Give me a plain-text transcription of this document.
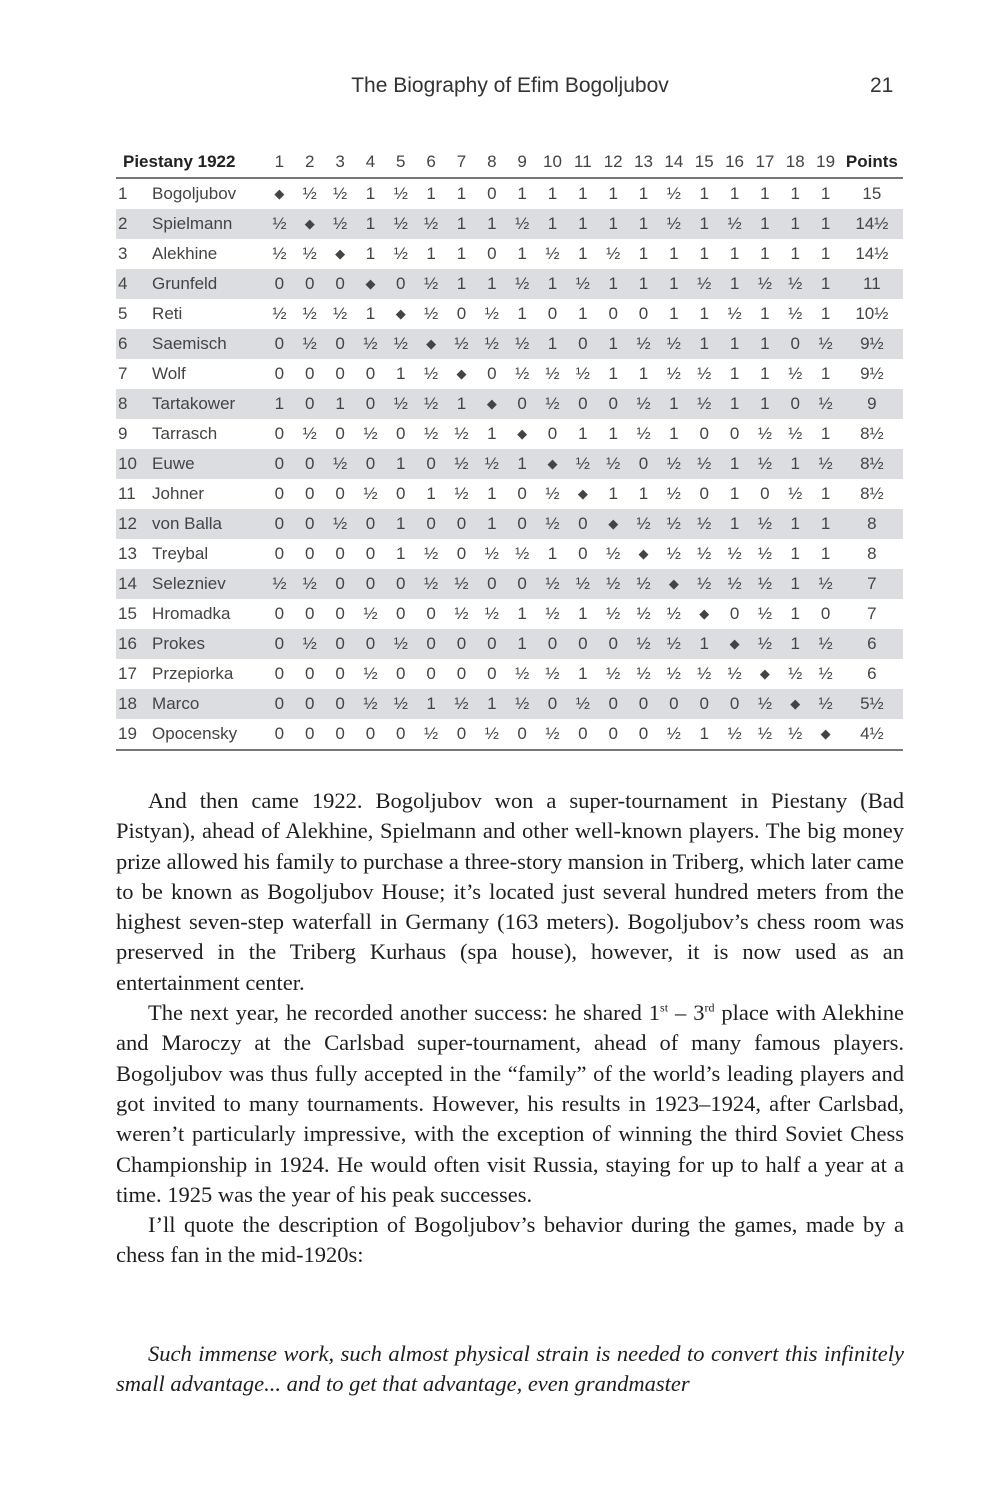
The Biography of Efim Bogoljubov	21
Piestany 1922		1	2	3	4	5	6	7	8	9	10	11	12	13	14	15	16	17	18	19	Points
1	Bogoljubov	◆	½	½	1	½	1	1	0	1	1	1	1	1	½	1	1	1	1	1	15
2	Spielmann	½	◆	½	1	½	½	1	1	½	1	1	1	1	½	1	½	1	1	1	14½
3	Alekhine	½	½	◆	1	½	1	1	0	1	½	1	½	1	1	1	1	1	1	1	14½
4	Grunfeld	0	0	0	◆	0	½	1	1	½	1	½	1	1	1	½	1	½	½	1	11
5	Reti	½	½	½	1	◆	½	0	½	1	0	1	0	0	1	1	½	1	½	1	10½
6	Saemisch	0	½	0	½	½	◆	½	½	½	1	0	1	½	½	1	1	1	0	½	9½
7	Wolf	0	0	0	0	1	½	◆	0	½	½	½	1	1	½	½	1	1	½	1	9½
8	Tartakower	1	0	1	0	½	½	1	◆	0	½	0	0	½	1	½	1	1	0	½	9
9	Tarrasch	0	½	0	½	0	½	½	1	◆	0	1	1	½	1	0	0	½	½	1	8½
10	Euwe	0	0	½	0	1	0	½	½	1	◆	½	½	0	½	½	1	½	1	½	8½
11	Johner	0	0	0	½	0	1	½	1	0	½	◆	1	1	½	0	1	0	½	1	8½
12	von Balla	0	0	½	0	1	0	0	1	0	½	0	◆	½	½	½	1	½	1	1	8
13	Treybal	0	0	0	0	1	½	0	½	½	1	0	½	◆	½	½	½	½	1	1	8
14	Selezniev	½	½	0	0	0	½	½	0	0	½	½	½	½	◆	½	½	½	1	½	7
15	Hromadka	0	0	0	½	0	0	½	½	1	½	1	½	½	½	◆	0	½	1	0	7
16	Prokes	0	½	0	0	½	0	0	0	1	0	0	0	½	½	1	◆	½	1	½	6
17	Przepiorka	0	0	0	½	0	0	0	0	½	½	1	½	½	½	½	½	◆	½	½	6
18	Marco	0	0	0	½	½	1	½	1	½	0	½	0	0	0	0	0	½	◆	½	5½
19	Opocensky	0	0	0	0	0	½	0	½	0	½	0	0	0	½	1	½	½	½	◆	4½

And then came 1922. Bogoljubov won a super-tournament in Piestany (Bad Pistyan), ahead of Alekhine, Spielmann and other well-known players. The big money prize allowed his family to purchase a three-story mansion in Triberg, which later came to be known as Bogoljubov House; it’s located just several hundred meters from the highest seven-step waterfall in Germany (163 meters). Bogoljubov’s chess room was preserved in the Triberg Kurhaus (spa house), however, it is now used as an entertainment center.

The next year, he recorded another success: he shared 1st – 3rd place with Alekhine and Maroczy at the Carlsbad super-tournament, ahead of many famous players. Bogoljubov was thus fully accepted in the “family” of the world’s leading players and got invited to many tournaments. However, his results in 1923–1924, after Carlsbad, weren’t particularly impressive, with the exception of winning the third Soviet Chess Championship in 1924. He would often visit Russia, staying for up to half a year at a time. 1925 was the year of his peak successes.

I’ll quote the description of Bogoljubov’s behavior during the games, made by a chess fan in the mid-1920s:

Such immense work, such almost physical strain is needed to convert this infinitely small advantage... and to get that advantage, even grandmaster
